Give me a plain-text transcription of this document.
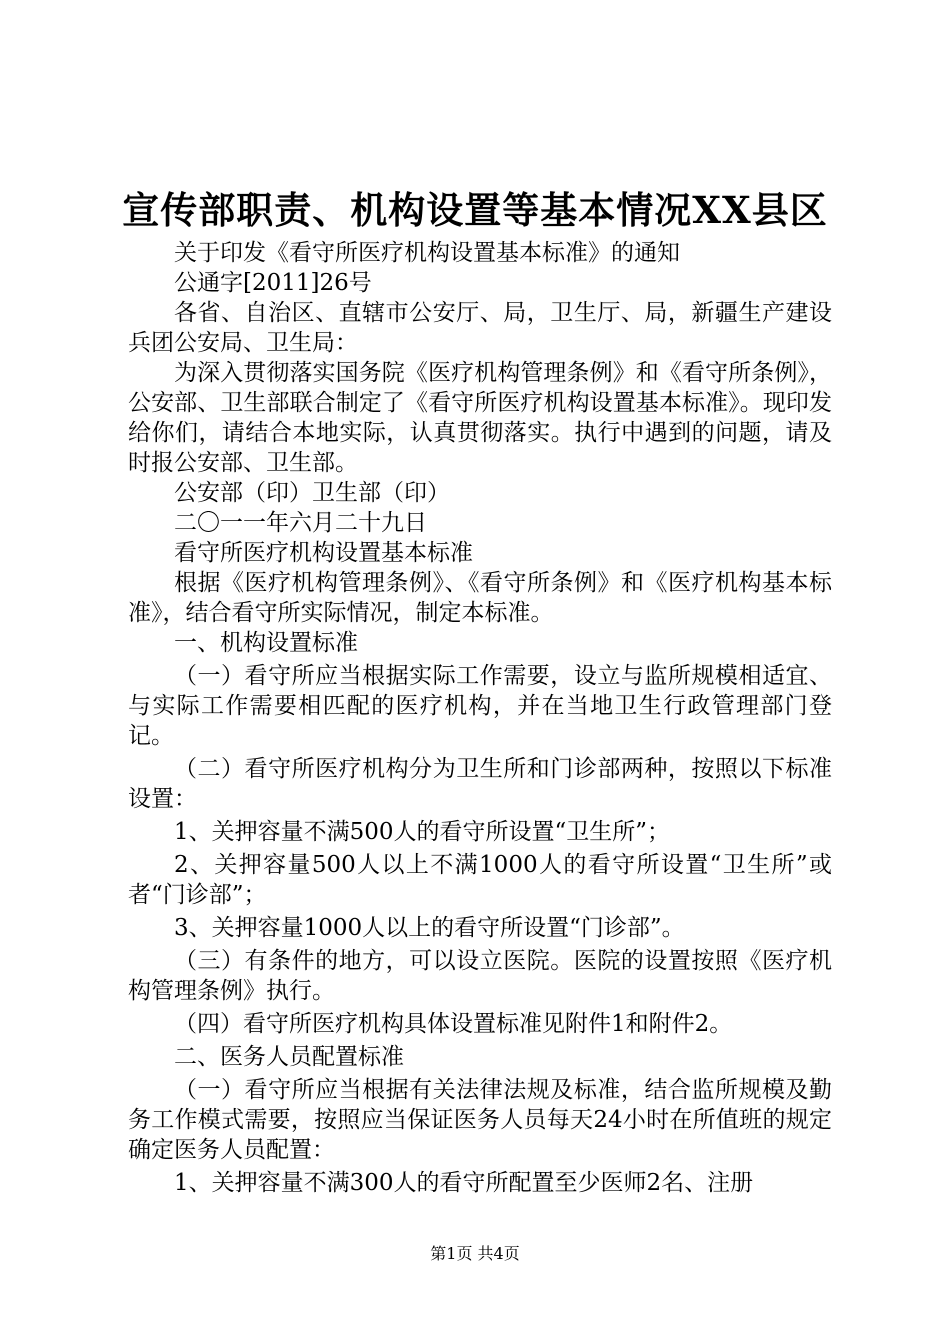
宣传部职责、机构设置等基本情况XX县区

关于印发《看守所医疗机构设置基本标准》的通知

公通字[2011]26号

各省、自治区、直辖市公安厅、局，卫生厅、局，新疆生产建设兵团公安局、卫生局：

为深入贯彻落实国务院《医疗机构管理条例》和《看守所条例》，公安部、卫生部联合制定了《看守所医疗机构设置基本标准》。现印发给你们，请结合本地实际，认真贯彻落实。执行中遇到的问题，请及时报公安部、卫生部。

公安部（印）卫生部（印）

二〇一一年六月二十九日

看守所医疗机构设置基本标准

根据《医疗机构管理条例》、《看守所条例》和《医疗机构基本标准》，结合看守所实际情况，制定本标准。

一、机构设置标准

（一）看守所应当根据实际工作需要，设立与监所规模相适宜、与实际工作需要相匹配的医疗机构，并在当地卫生行政管理部门登记。

（二）看守所医疗机构分为卫生所和门诊部两种，按照以下标准设置：

1、关押容量不满500人的看守所设置“卫生所”；

2、关押容量500人以上不满1000人的看守所设置“卫生所”或者“门诊部”；

3、关押容量1000人以上的看守所设置“门诊部”。

（三）有条件的地方，可以设立医院。医院的设置按照《医疗机构管理条例》执行。

（四）看守所医疗机构具体设置标准见附件1和附件2。

二、医务人员配置标准

（一）看守所应当根据有关法律法规及标准，结合监所规模及勤务工作模式需要，按照应当保证医务人员每天24小时在所值班的规定确定医务人员配置：

1、关押容量不满300人的看守所配置至少医师2名、注册

第1页 共4页
